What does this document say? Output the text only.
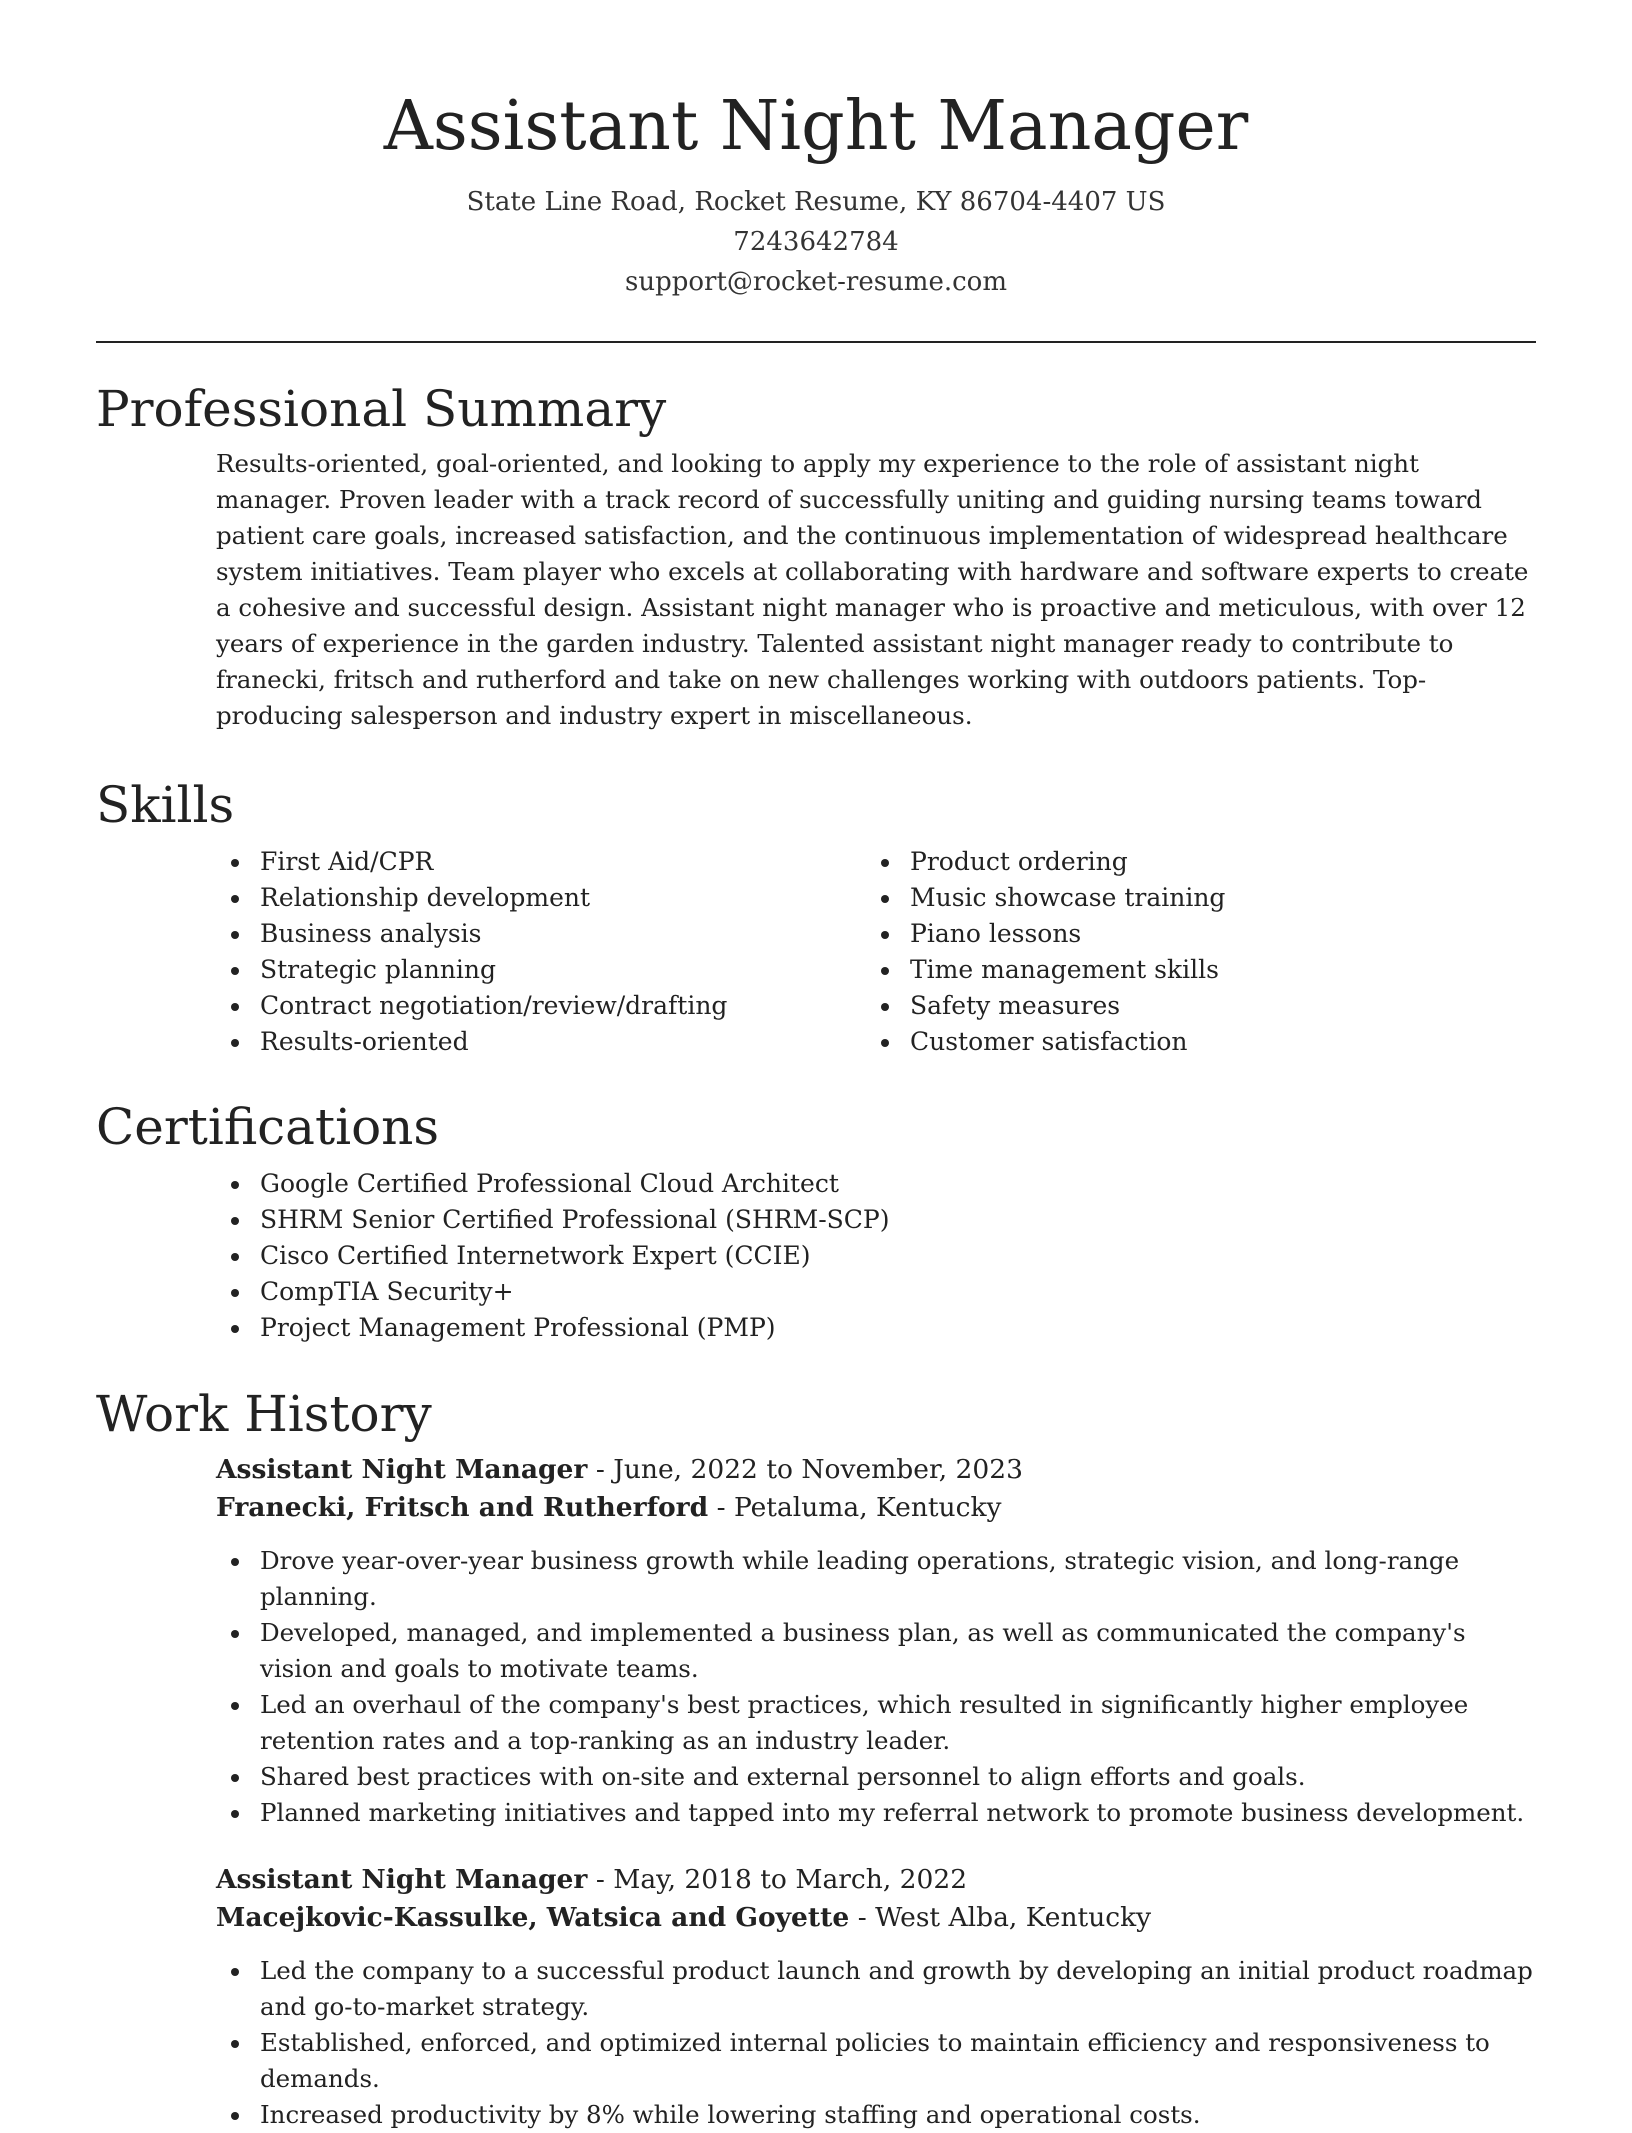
Assistant Night Manager
State Line Road, Rocket Resume, KY 86704-4407 US
7243642784
support@rocket-resume.com
Professional Summary
Results-oriented, goal-oriented, and looking to apply my experience to the role of assistant night manager. Proven leader with a track record of successfully uniting and guiding nursing teams toward patient care goals, increased satisfaction, and the continuous implementation of widespread healthcare system initiatives. Team player who excels at collaborating with hardware and software experts to create a cohesive and successful design. Assistant night manager who is proactive and meticulous, with over 12 years of experience in the garden industry. Talented assistant night manager ready to contribute to franecki, fritsch and rutherford and take on new challenges working with outdoors patients. Top-producing salesperson and industry expert in miscellaneous.
Skills
First Aid/CPR
Relationship development
Business analysis
Strategic planning
Contract negotiation/review/drafting
Results-oriented
Product ordering
Music showcase training
Piano lessons
Time management skills
Safety measures
Customer satisfaction
Certifications
Google Certified Professional Cloud Architect
SHRM Senior Certified Professional (SHRM-SCP)
Cisco Certified Internetwork Expert (CCIE)
CompTIA Security+
Project Management Professional (PMP)
Work History
Assistant Night Manager - June, 2022 to November, 2023
Franecki, Fritsch and Rutherford - Petaluma, Kentucky
Drove year-over-year business growth while leading operations, strategic vision, and long-range planning.
Developed, managed, and implemented a business plan, as well as communicated the company's vision and goals to motivate teams.
Led an overhaul of the company's best practices, which resulted in significantly higher employee retention rates and a top-ranking as an industry leader.
Shared best practices with on-site and external personnel to align efforts and goals.
Planned marketing initiatives and tapped into my referral network to promote business development.
Assistant Night Manager - May, 2018 to March, 2022
Macejkovic-Kassulke, Watsica and Goyette - West Alba, Kentucky
Led the company to a successful product launch and growth by developing an initial product roadmap and go-to-market strategy.
Established, enforced, and optimized internal policies to maintain efficiency and responsiveness to demands.
Increased productivity by 8% while lowering staffing and operational costs.
